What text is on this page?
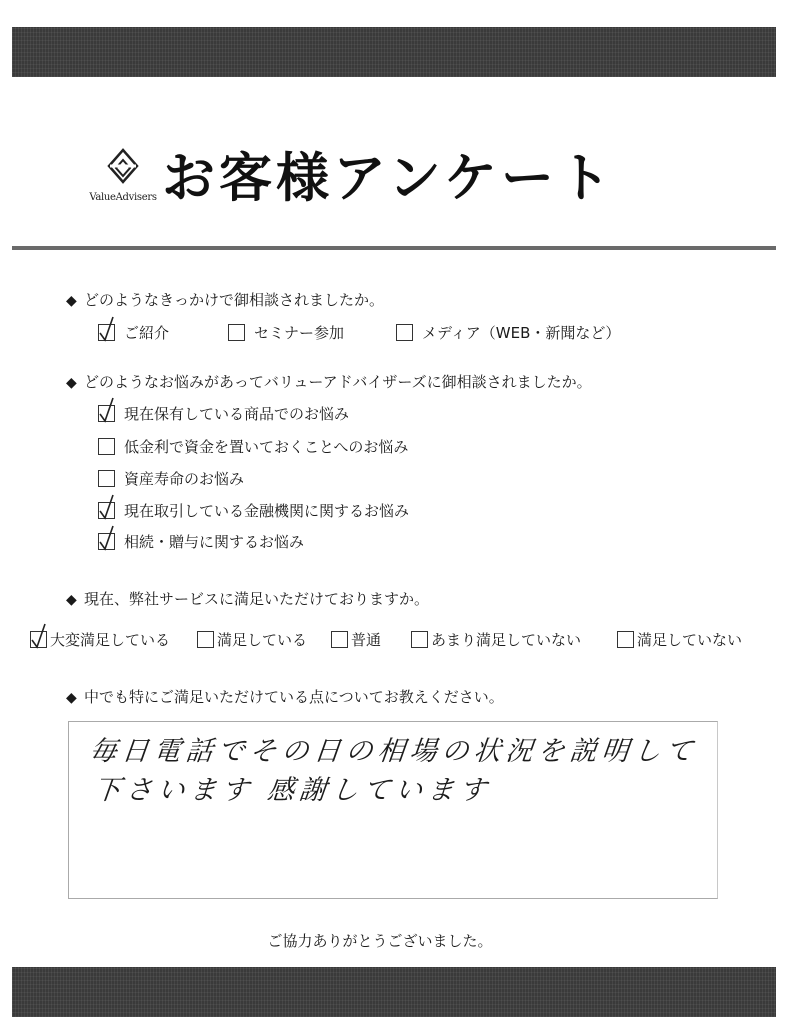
ValueAdvisers お客様アンケート
◆ どのようなきっかけで御相談されましたか。
ご紹介	セミナー参加	メディア（WEB・新聞など）
◆ どのようなお悩みがあってバリューアドバイザーズに御相談されましたか。
現在保有している商品でのお悩み
低金利で資金を置いておくことへのお悩み
資産寿命のお悩み
現在取引している金融機関に関するお悩み
相続・贈与に関するお悩み
◆ 現在、弊社サービスに満足いただけておりますか。
大変満足している	満足している	普通	あまり満足していない	満足していない
◆ 中でも特にご満足いただけている点についてお教えください。
毎日電話でその日の相場の状況を説明して
下さいます 感謝しています
ご協力ありがとうございました。
